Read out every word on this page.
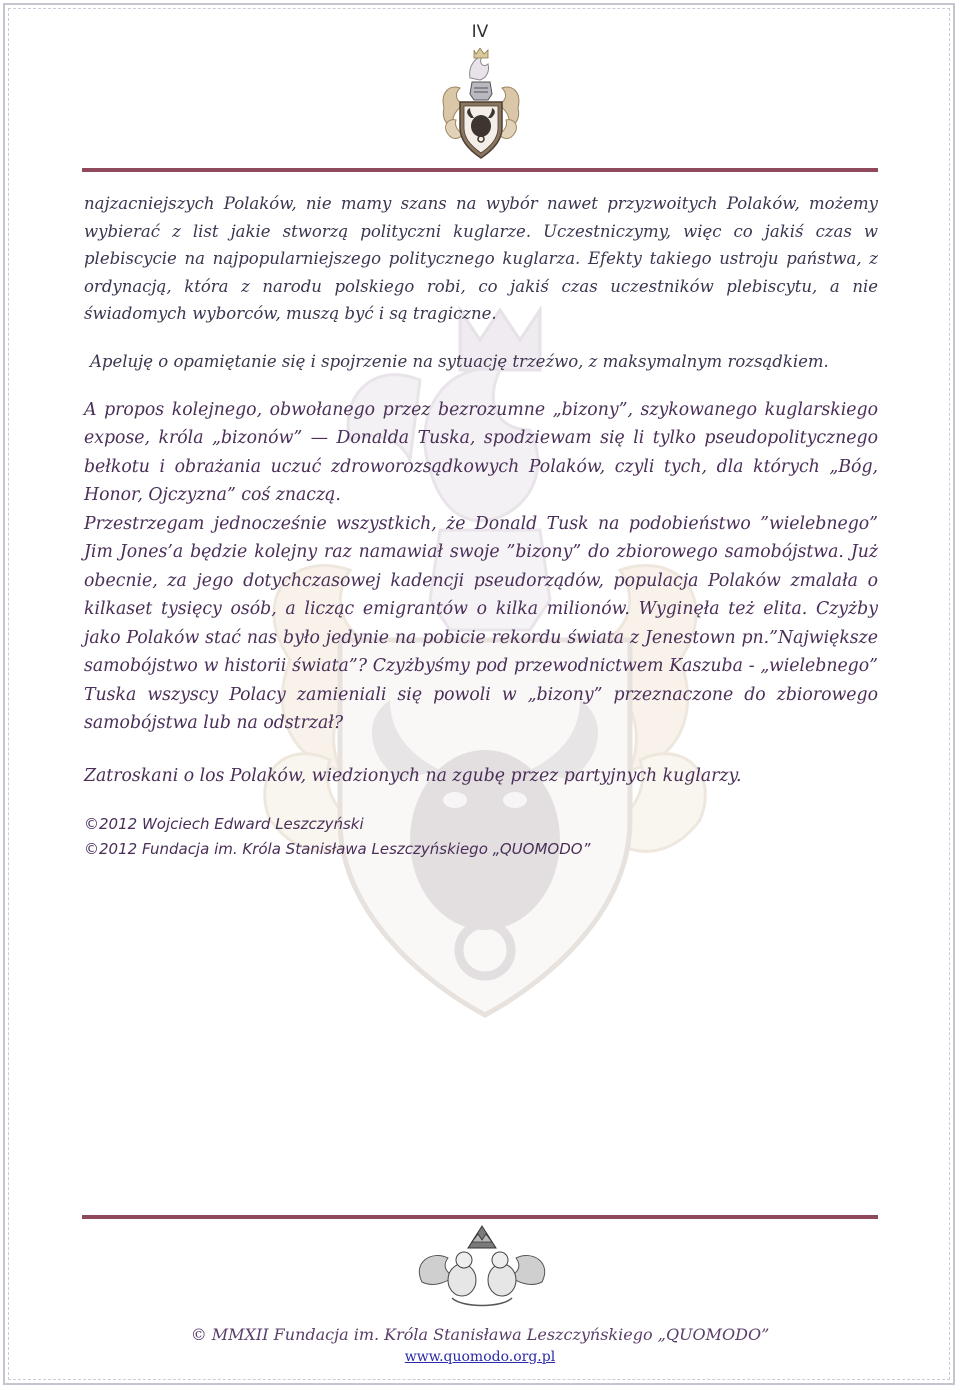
IV

najzacniejszych Polaków, nie mamy szans na wybór nawet przyzwoitych Polaków, możemy wybierać z list jakie stworzą polityczni kuglarze. Uczestniczymy, więc co jakiś czas w plebiscycie na najpopularniejszego politycznego kuglarza. Efekty takiego ustroju państwa, z ordynacją, która z narodu polskiego robi, co jakiś czas uczestników plebiscytu, a nie świadomych wyborców, muszą być i są tragiczne.

Apeluję o opamiętanie się i spojrzenie na sytuację trzeźwo, z maksymalnym rozsądkiem.

A propos kolejnego, obwołanego przez bezrozumne „bizony”, szykowanego kuglarskiego expose, króla „bizonów” — Donalda Tuska, spodziewam się li tylko pseudopolitycznego bełkotu i obrażania uczuć zdroworozsądkowych Polaków, czyli tych, dla których „Bóg, Honor, Ojczyzna” coś znaczą.

Przestrzegam jednocześnie wszystkich, że Donald Tusk na podobieństwo ”wielebnego” Jim Jones’a będzie kolejny raz namawiał swoje ”bizony” do zbiorowego samobójstwa. Już obecnie, za jego dotychczasowej kadencji pseudorządów, populacja Polaków zmalała o kilkaset tysięcy osób, a licząc emigrantów o kilka milionów. Wyginęła też elita. Czyżby jako Polaków stać nas było jedynie na pobicie rekordu świata z Jenestown pn.”Największe samobójstwo w historii świata”? Czyżbyśmy pod przewodnictwem Kaszuba - „wielebnego” Tuska wszyscy Polacy zamieniali się powoli w „bizony” przeznaczone do zbiorowego samobójstwa lub na odstrzał?

Zatroskani o los Polaków, wiedzionych na zgubę przez partyjnych kuglarzy.

©2012 Wojciech Edward Leszczyński

©2012 Fundacja im. Króla Stanisława Leszczyńskiego „QUOMODO”

© MMXII Fundacja im. Króla Stanisława Leszczyńskiego „QUOMODO”
www.quomodo.org.pl
